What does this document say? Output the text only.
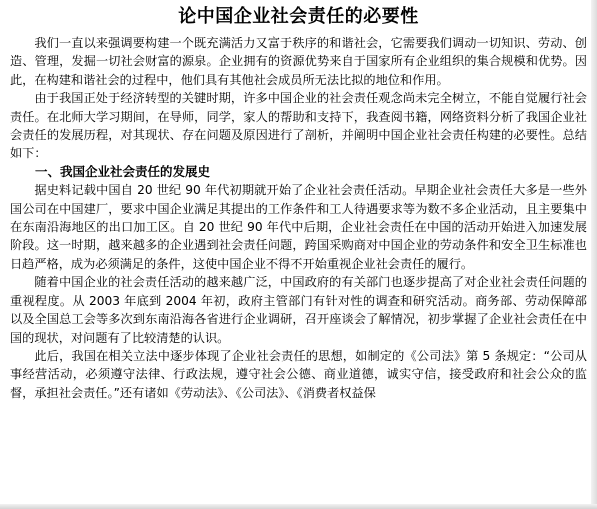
论中国企业社会责任的必要性

我们一直以来强调要构建一个既充满活力又富于秩序的和谐社会，它需要我们调动一切知识、劳动、创造、管理，发掘一切社会财富的源泉。企业拥有的资源优势来自于国家所有企业组织的集合规模和优势。因此，在构建和谐社会的过程中，他们具有其他社会成员所无法比拟的地位和作用。

由于我国正处于经济转型的关键时期，许多中国企业的社会责任观念尚未完全树立，不能自觉履行社会责任。在北师大学习期间，在导师，同学，家人的帮助和支持下，我查阅书籍，网络资料分析了我国企业社会责任的发展历程，对其现状、存在问题及原因进行了剖析，并阐明中国企业社会责任构建的必要性。总结如下：

一、我国企业社会责任的发展史

据史料记载中国自 20 世纪 90 年代初期就开始了企业社会责任活动。早期企业社会责任大多是一些外国公司在中国建厂，要求中国企业满足其提出的工作条件和工人待遇要求等为数不多企业活动，且主要集中在东南沿海地区的出口加工区。自 20 世纪 90 年代中后期，企业社会责任在中国的活动开始进入加速发展阶段。这一时期，越来越多的企业遇到社会责任问题，跨国采购商对中国企业的劳动条件和安全卫生标准也日趋严格，成为必须满足的条件，这使中国企业不得不开始重视企业社会责任的履行。

随着中国企业的社会责任活动的越来越广泛，中国政府的有关部门也逐步提高了对企业社会责任问题的重视程度。从 2003 年底到 2004 年初，政府主管部门有针对性的调查和研究活动。商务部、劳动保障部以及全国总工会等多次到东南沿海各省进行企业调研，召开座谈会了解情况，初步掌握了企业社会责任在中国的现状，对问题有了比较清楚的认识。

此后，我国在相关立法中逐步体现了企业社会责任的思想，如制定的《公司法》第 5 条规定：“公司从事经营活动，必须遵守法律、行政法规，遵守社会公德、商业道德，诚实守信，接受政府和社会公众的监督，承担社会责任。”还有诸如《劳动法》、《公司法》、《消费者权益保
